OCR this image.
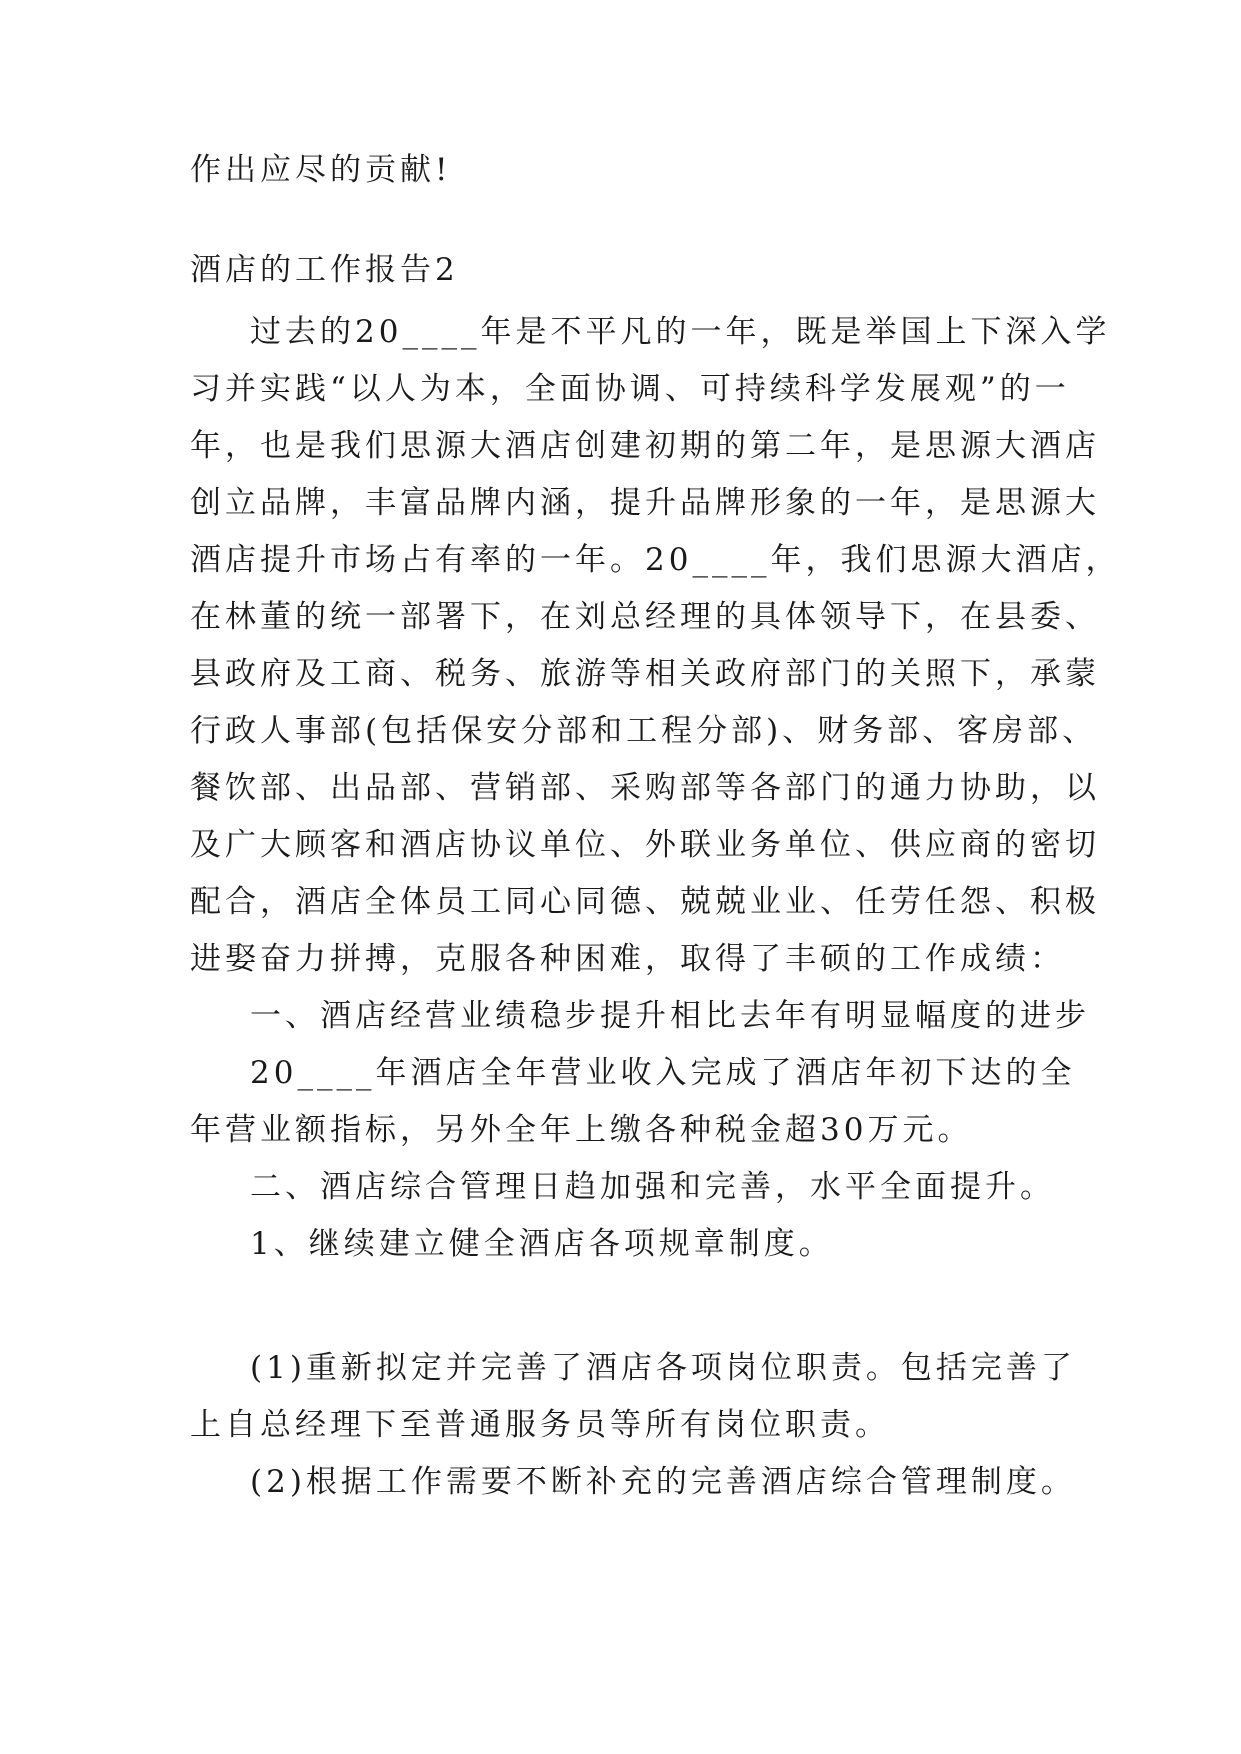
作出应尽的贡献!
酒店的工作报告2
过去的20____年是不平凡的一年，既是举国上下深入学
习并实践“以人为本，全面协调、可持续科学发展观”的一
年，也是我们思源大酒店创建初期的第二年，是思源大酒店
创立品牌，丰富品牌内涵，提升品牌形象的一年，是思源大
酒店提升市场占有率的一年。20____年，我们思源大酒店，
在林董的统一部署下，在刘总经理的具体领导下，在县委、
县政府及工商、税务、旅游等相关政府部门的关照下，承蒙
行政人事部(包括保安分部和工程分部)、财务部、客房部、
餐饮部、出品部、营销部、采购部等各部门的通力协助，以
及广大顾客和酒店协议单位、外联业务单位、供应商的密切
配合，酒店全体员工同心同德、兢兢业业、任劳任怨、积极
进娶奋力拼搏，克服各种困难，取得了丰硕的工作成绩：
一、酒店经营业绩稳步提升相比去年有明显幅度的进步
20____年酒店全年营业收入完成了酒店年初下达的全
年营业额指标，另外全年上缴各种税金超30万元。
二、酒店综合管理日趋加强和完善，水平全面提升。
1、继续建立健全酒店各项规章制度。
(1)重新拟定并完善了酒店各项岗位职责。包括完善了
上自总经理下至普通服务员等所有岗位职责。
(2)根据工作需要不断补充的完善酒店综合管理制度。
